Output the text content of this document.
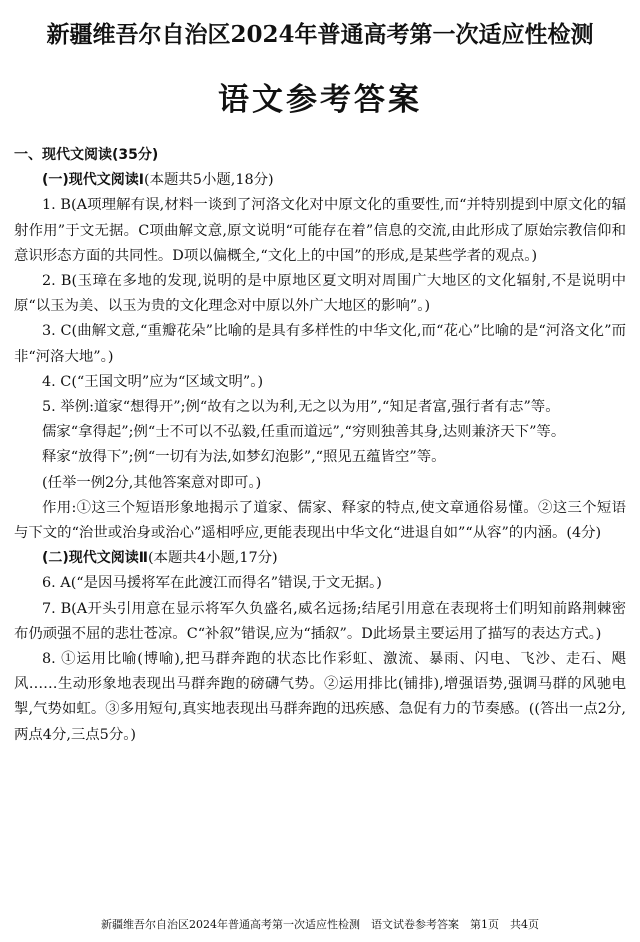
新疆维吾尔自治区2024年普通高考第一次适应性检测
语文参考答案

一、现代文阅读(35分)

(一)现代文阅读Ⅰ(本题共5小题,18分)

1. B(A项理解有误,材料一谈到了河洛文化对中原文化的重要性,而“并特别提到中原文化的辐射作用”于文无据。C项曲解文意,原文说明“可能存在着”信息的交流,由此形成了原始宗教信仰和意识形态方面的共同性。D项以偏概全,“文化上的中国”的形成,是某些学者的观点。)

2. B(玉璋在多地的发现,说明的是中原地区夏文明对周围广大地区的文化辐射,不是说明中原“以玉为美、以玉为贵的文化理念对中原以外广大地区的影响”。)

3. C(曲解文意,“重瓣花朵”比喻的是具有多样性的中华文化,而“花心”比喻的是“河洛文化”而非“河洛大地”。)

4. C(“王国文明”应为“区域文明”。)

5. 举例:道家“想得开”;例“故有之以为利,无之以为用”,“知足者富,强行者有志”等。

儒家“拿得起”;例“士不可以不弘毅,任重而道远”,“穷则独善其身,达则兼济天下”等。

释家“放得下”;例“一切有为法,如梦幻泡影”,“照见五蕴皆空”等。

(任举一例2分,其他答案意对即可。)

作用:①这三个短语形象地揭示了道家、儒家、释家的特点,使文章通俗易懂。②这三个短语与下文的“治世或治身或治心”遥相呼应,更能表现出中华文化“进退自如”“从容”的内涵。(4分)

(二)现代文阅读Ⅱ(本题共4小题,17分)

6. A(“是因马援将军在此渡江而得名”错误,于文无据。)

7. B(A开头引用意在显示将军久负盛名,威名远扬;结尾引用意在表现将士们明知前路荆棘密布仍顽强不屈的悲壮苍凉。C“补叙”错误,应为“插叙”。D此场景主要运用了描写的表达方式。)

8. ①运用比喻(博喻),把马群奔跑的状态比作彩虹、激流、暴雨、闪电、飞沙、走石、飓风……生动形象地表现出马群奔跑的磅礴气势。②运用排比(铺排),增强语势,强调马群的风驰电掣,气势如虹。③多用短句,真实地表现出马群奔跑的迅疾感、急促有力的节奏感。((答出一点2分,两点4分,三点5分。)

新疆维吾尔自治区2024年普通高考第一次适应性检测　语文试卷参考答案　第1页　共4页
